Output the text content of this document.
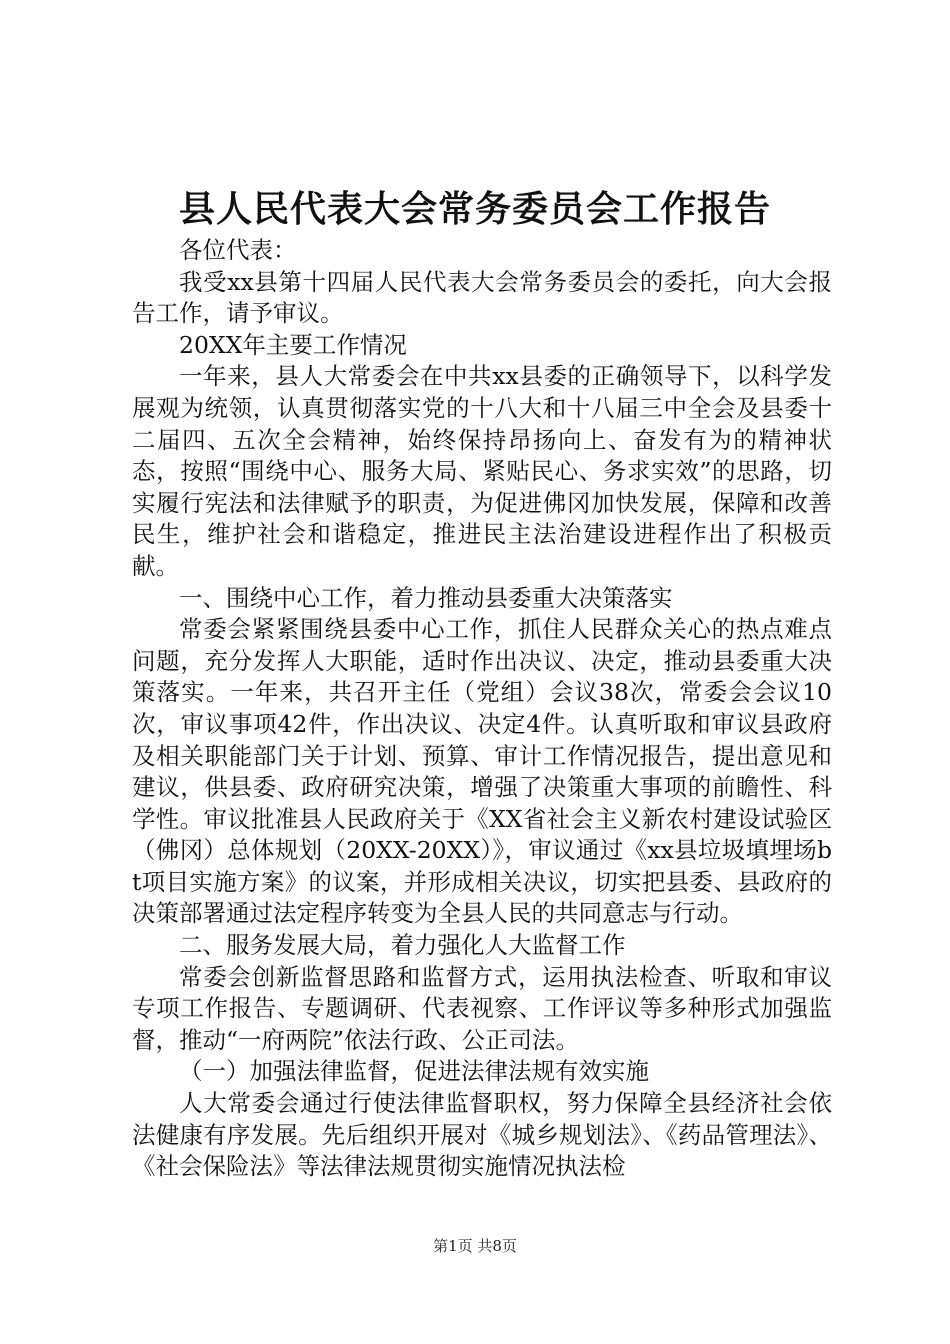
县人民代表大会常务委员会工作报告

各位代表：

我受xx县第十四届人民代表大会常务委员会的委托，向大会报告工作，请予审议。

20XX年主要工作情况

一年来，县人大常委会在中共xx县委的正确领导下，以科学发展观为统领，认真贯彻落实党的十八大和十八届三中全会及县委十二届四、五次全会精神，始终保持昂扬向上、奋发有为的精神状态，按照“围绕中心、服务大局、紧贴民心、务求实效”的思路，切实履行宪法和法律赋予的职责，为促进佛冈加快发展，保障和改善民生，维护社会和谐稳定，推进民主法治建设进程作出了积极贡献。

一、围绕中心工作，着力推动县委重大决策落实

常委会紧紧围绕县委中心工作，抓住人民群众关心的热点难点问题，充分发挥人大职能，适时作出决议、决定，推动县委重大决策落实。一年来，共召开主任（党组）会议38次，常委会会议10次，审议事项42件，作出决议、决定4件。认真听取和审议县政府及相关职能部门关于计划、预算、审计工作情况报告，提出意见和建议，供县委、政府研究决策，增强了决策重大事项的前瞻性、科学性。审议批准县人民政府关于《XX省社会主义新农村建设试验区（佛冈）总体规划（20XX-20XX）》，审议通过《xx县垃圾填埋场bt项目实施方案》的议案，并形成相关决议，切实把县委、县政府的决策部署通过法定程序转变为全县人民的共同意志与行动。

二、服务发展大局，着力强化人大监督工作

常委会创新监督思路和监督方式，运用执法检查、听取和审议专项工作报告、专题调研、代表视察、工作评议等多种形式加强监督，推动“一府两院”依法行政、公正司法。

（一）加强法律监督，促进法律法规有效实施

人大常委会通过行使法律监督职权，努力保障全县经济社会依法健康有序发展。先后组织开展对《城乡规划法》、《药品管理法》、《社会保险法》等法律法规贯彻实施情况执法检

第1页 共8页
